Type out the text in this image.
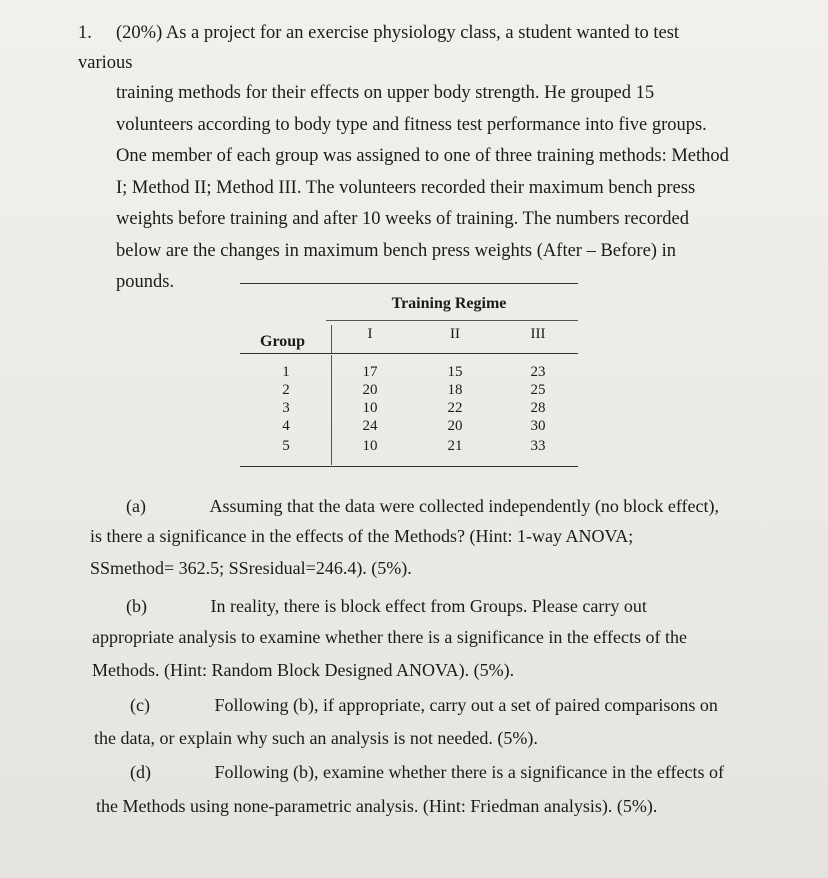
1. (20%) As a project for an exercise physiology class, a student wanted to test various

training methods for their effects on upper body strength. He grouped 15

volunteers according to body type and fitness test performance into five groups.

One member of each group was assigned to one of three training methods: Method

I; Method II; Method III. The volunteers recorded their maximum bench press

weights before training and after 10 weeks of training. The numbers recorded

below are the changes in maximum bench press weights (After – Before) in

pounds.

Training Regime
Group	I	II	III
1	17	15	23
2	20	18	25
3	10	22	28
4	24	20	30
5	10	21	33
(a)	Assuming that the data were collected independently (no block effect),
is there a significance in the effects of the Methods? (Hint: 1-way ANOVA;
SSmethod= 362.5; SSresidual=246.4). (5%).
(b)	In reality, there is block effect from Groups. Please carry out
appropriate analysis to examine whether there is a significance in the effects of the
Methods. (Hint: Random Block Designed ANOVA). (5%).
(c)	Following (b), if appropriate, carry out a set of paired comparisons on
the data, or explain why such an analysis is not needed. (5%).
(d)	Following (b), examine whether there is a significance in the effects of
the Methods using none-parametric analysis. (Hint: Friedman analysis). (5%).
